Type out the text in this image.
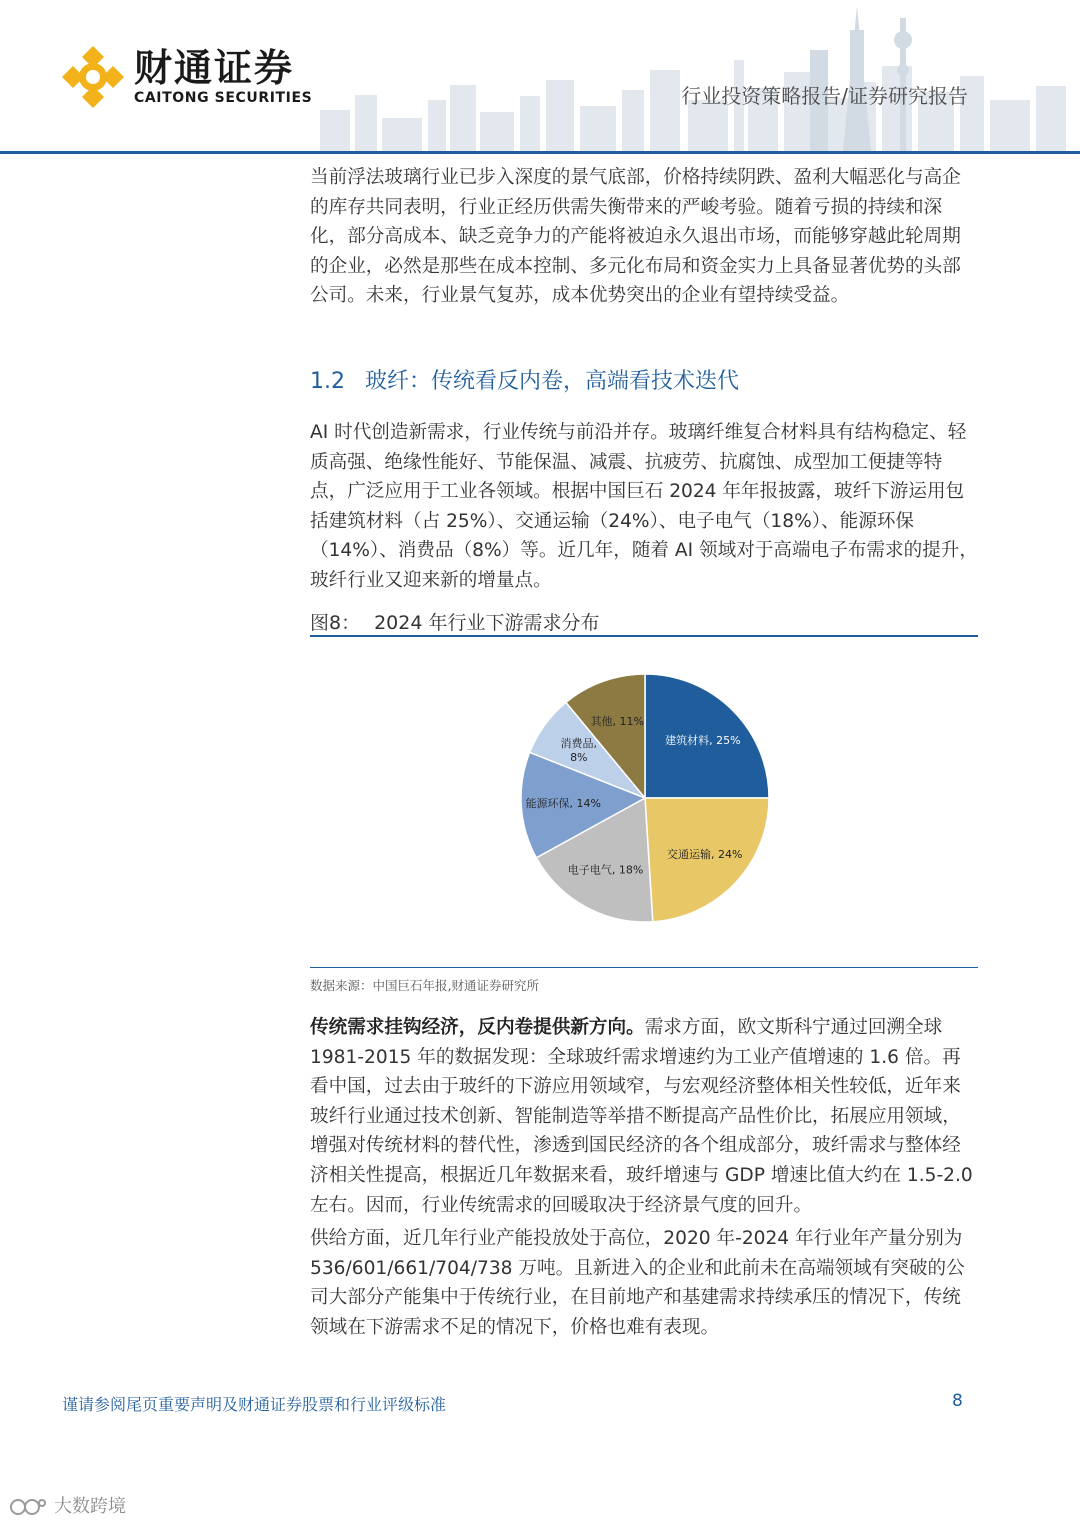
财通证券
CAITONG SECURITIES	行业投资策略报告/证券研究报告

当前浮法玻璃行业已步入深度的景气底部，价格持续阴跌、盈利大幅恶化与高企的库存共同表明，行业正经历供需失衡带来的严峻考验。随着亏损的持续和深化，部分高成本、缺乏竞争力的产能将被迫永久退出市场，而能够穿越此轮周期的企业，必然是那些在成本控制、多元化布局和资金实力上具备显著优势的头部公司。未来，行业景气复苏，成本优势突出的企业有望持续受益。

1.2 玻纤：传统看反内卷，高端看技术迭代

AI 时代创造新需求，行业传统与前沿并存。玻璃纤维复合材料具有结构稳定、轻质高强、绝缘性能好、节能保温、减震、抗疲劳、抗腐蚀、成型加工便捷等特点，广泛应用于工业各领域。根据中国巨石 2024 年年报披露，玻纤下游运用包括建筑材料（占 25%）、交通运输（24%）、电子电气（18%）、能源环保（14%）、消费品（8%）等。近几年，随着 AI 领域对于高端电子布需求的提升，玻纤行业又迎来新的增量点。

图8： 2024 年行业下游需求分布
建筑材料, 25%
交通运输, 24%
电子电气, 18%
能源环保, 14%
消费品, 8%
其他, 11%
数据来源：中国巨石年报,财通证券研究所

传统需求挂钩经济，反内卷提供新方向。需求方面，欧文斯科宁通过回溯全球 1981-2015 年的数据发现：全球玻纤需求增速约为工业产值增速的 1.6 倍。再看中国，过去由于玻纤的下游应用领域窄，与宏观经济整体相关性较低，近年来玻纤行业通过技术创新、智能制造等举措不断提高产品性价比，拓展应用领域，增强对传统材料的替代性，渗透到国民经济的各个组成部分，玻纤需求与整体经济相关性提高，根据近几年数据来看，玻纤增速与 GDP 增速比值大约在 1.5-2.0 左右。因而，行业传统需求的回暖取决于经济景气度的回升。

供给方面，近几年行业产能投放处于高位，2020 年-2024 年行业年产量分别为 536/601/661/704/738 万吨。且新进入的企业和此前未在高端领域有突破的公司大部分产能集中于传统行业，在目前地产和基建需求持续承压的情况下，传统领域在下游需求不足的情况下，价格也难有表现。

谨请参阅尾页重要声明及财通证券股票和行业评级标准	8
大数跨境
